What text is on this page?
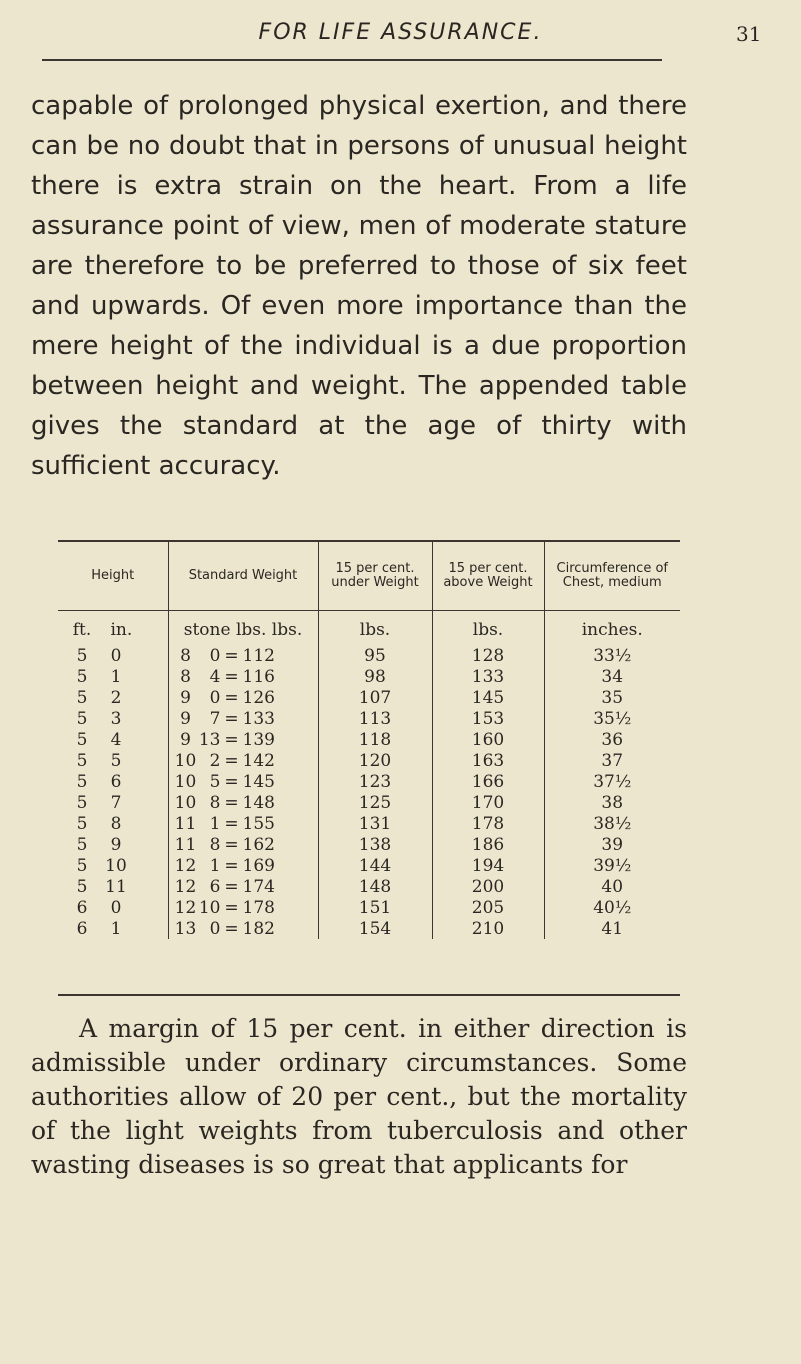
FOR LIFE ASSURANCE.	31

capable of prolonged physical exertion, and there can be no doubt that in persons of unusual height there is extra strain on the heart. From a life assurance point of view, men of moderate stature are therefore to be preferred to those of six feet and upwards. Of even more importance than the mere height of the individual is a due proportion between height and weight. The appended table gives the standard at the age of thirty with sufficient accuracy.

Height	Standard Weight	15 per cent. under Weight	15 per cent. above Weight	Circumference of Chest, medium
ft. in.	stone lbs. lbs.	lbs.	lbs.	inches.
5 0	8 0 = 112	95	128	33½
5 1	8 4 = 116	98	133	34
5 2	9 0 = 126	107	145	35
5 3	9 7 = 133	113	153	35½
5 4	9 13 = 139	118	160	36
5 5	10 2 = 142	120	163	37
5 6	10 5 = 145	123	166	37½
5 7	10 8 = 148	125	170	38
5 8	11 1 = 155	131	178	38½
5 9	11 8 = 162	138	186	39
5 10	12 1 = 169	144	194	39½
5 11	12 6 = 174	148	200	40
6 0	12 10 = 178	151	205	40½
6 1	13 0 = 182	154	210	41

A margin of 15 per cent. in either direction is admissible under ordinary circumstances. Some authorities allow of 20 per cent., but the mortality of the light weights from tuberculosis and other wasting diseases is so great that applicants for
